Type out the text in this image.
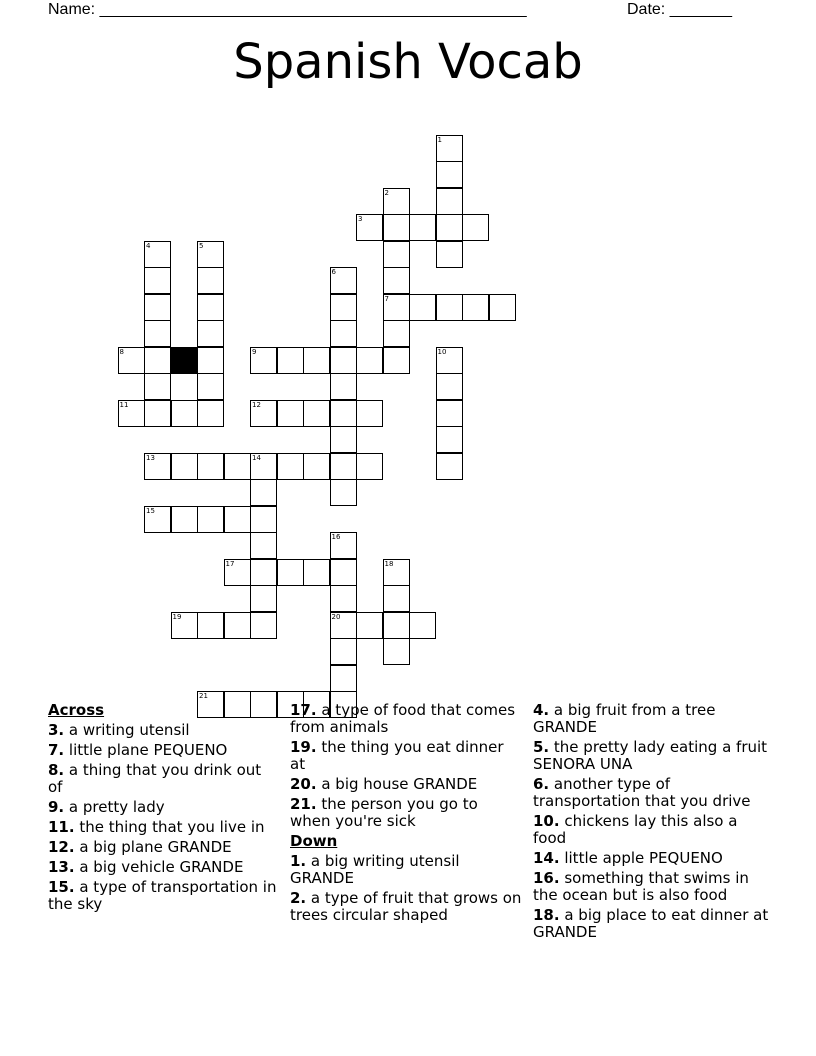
Name: ________________________________________________	Date: _______
Spanish Vocab
1
2
3
4	5
6
7
8	9	10
11	12
13	14
15
16
17	18
19	20
21
Across
3. a writing utensil
7. little plane PEQUENO
8. a thing that you drink out of
9. a pretty lady
11. the thing that you live in
12. a big plane GRANDE
13. a big vehicle GRANDE
15. a type of transportation in the sky
17. a type of food that comes from animals
19. the thing you eat dinner at
20. a big house GRANDE
21. the person you go to when you're sick
Down
1. a big writing utensil GRANDE
2. a type of fruit that grows on trees circular shaped
4. a big fruit from a tree GRANDE
5. the pretty lady eating a fruit SENORA UNA
6. another type of transportation that you drive
10. chickens lay this also a food
14. little apple PEQUENO
16. something that swims in the ocean but is also food
18. a big place to eat dinner at GRANDE
